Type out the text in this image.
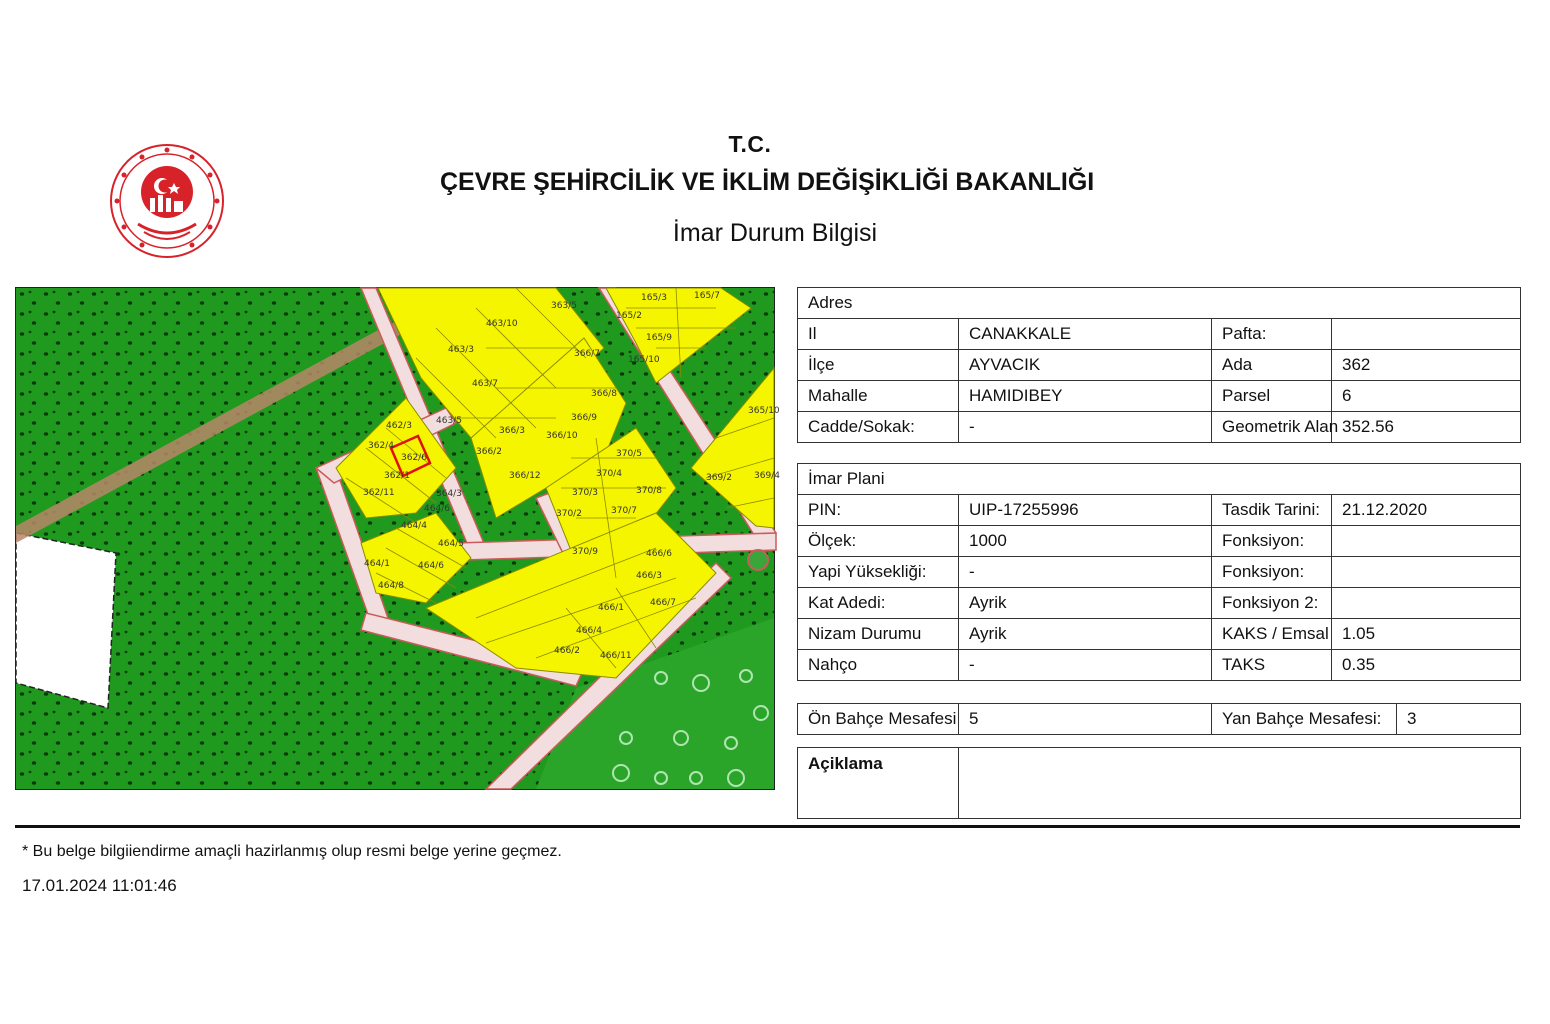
T.C.
ÇEVRE ŞEHİRCİLİK VE İKLİM DEĞİŞİKLİĞİ BAKANLIĞI
İmar Durum Bilgisi
463/10
463/3
463/5
463/7
363/5
462/3
362/6
362/4
362/1
362/11	364/3
464/6
464/4
464/1
464/5
464/6
464/8
366/3
366/2
366/10
366/12
366/7
366/8
366/9
370/4
370/5
370/8
370/3
370/2	370/7
370/9
165/3	165/7
165/2
165/9
165/10
365/10
369/2 369/4
466/6
466/3
466/1	466/7
466/4
466/2 466/11
Adres			
Il	CANAKKALE	Pafta:	
İlçe	AYVACIK	Ada	362
Mahalle	HAMIDIBEY	Parsel	6
Cadde/Sokak:	-	Geometrik Alan	352.56
İmar Plani			
PIN:	UIP-17255996	Tasdik Tarini:	21.12.2020
Ölçek:	1000	Fonksiyon:	
Yapi Yüksekliği:	-	Fonksiyon:	
Kat Adedi:	Ayrik	Fonksiyon 2:	
Nizam Durumu	Ayrik	KAKS / Emsal	1.05
Nahço	-	TAKS	0.35
Ön Bahçe Mesafesi	5	Yan Bahçe Mesafesi:	3
Açiklama	
* Bu belge bilgiiendirme amaçli hazirlanmış olup resmi belge yerine geçmez.
17.01.2024 11:01:46
